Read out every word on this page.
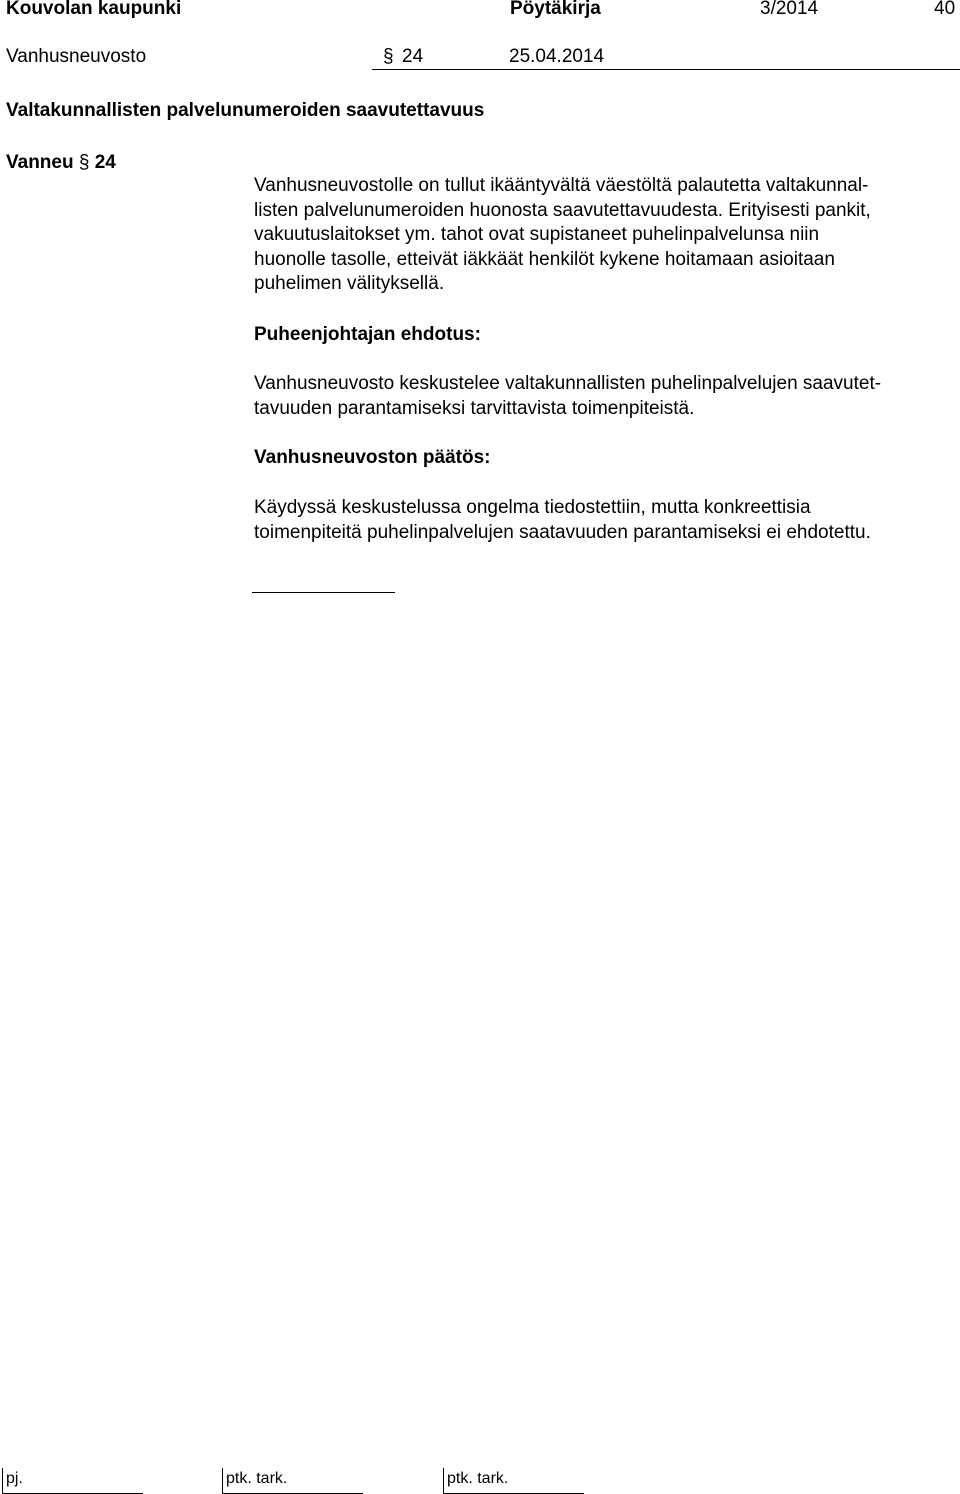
Kouvolan kaupunki	Pöytäkirja	3/2014	40
Vanhusneuvosto	§ 24	25.04.2014
Valtakunnallisten palvelunumeroiden saavutettavuus
Vanneu § 24
Vanhusneuvostolle on tullut ikääntyvältä väestöltä palautetta valtakunnal-
listen palvelunumeroiden huonosta saavutettavuudesta. Erityisesti pankit,
vakuutuslaitokset ym. tahot ovat supistaneet puhelinpalvelunsa niin
huonolle tasolle, etteivät iäkkäät henkilöt kykene hoitamaan asioitaan
puhelimen välityksellä.
Puheenjohtajan ehdotus:
Vanhusneuvosto keskustelee valtakunnallisten puhelinpalvelujen saavutet-
tavuuden parantamiseksi tarvittavista toimenpiteistä.
Vanhusneuvoston päätös:
Käydyssä keskustelussa ongelma tiedostettiin, mutta konkreettisia
toimenpiteitä puhelinpalvelujen saatavuuden parantamiseksi ei ehdotettu.
pj.	ptk. tark.	ptk. tark.
